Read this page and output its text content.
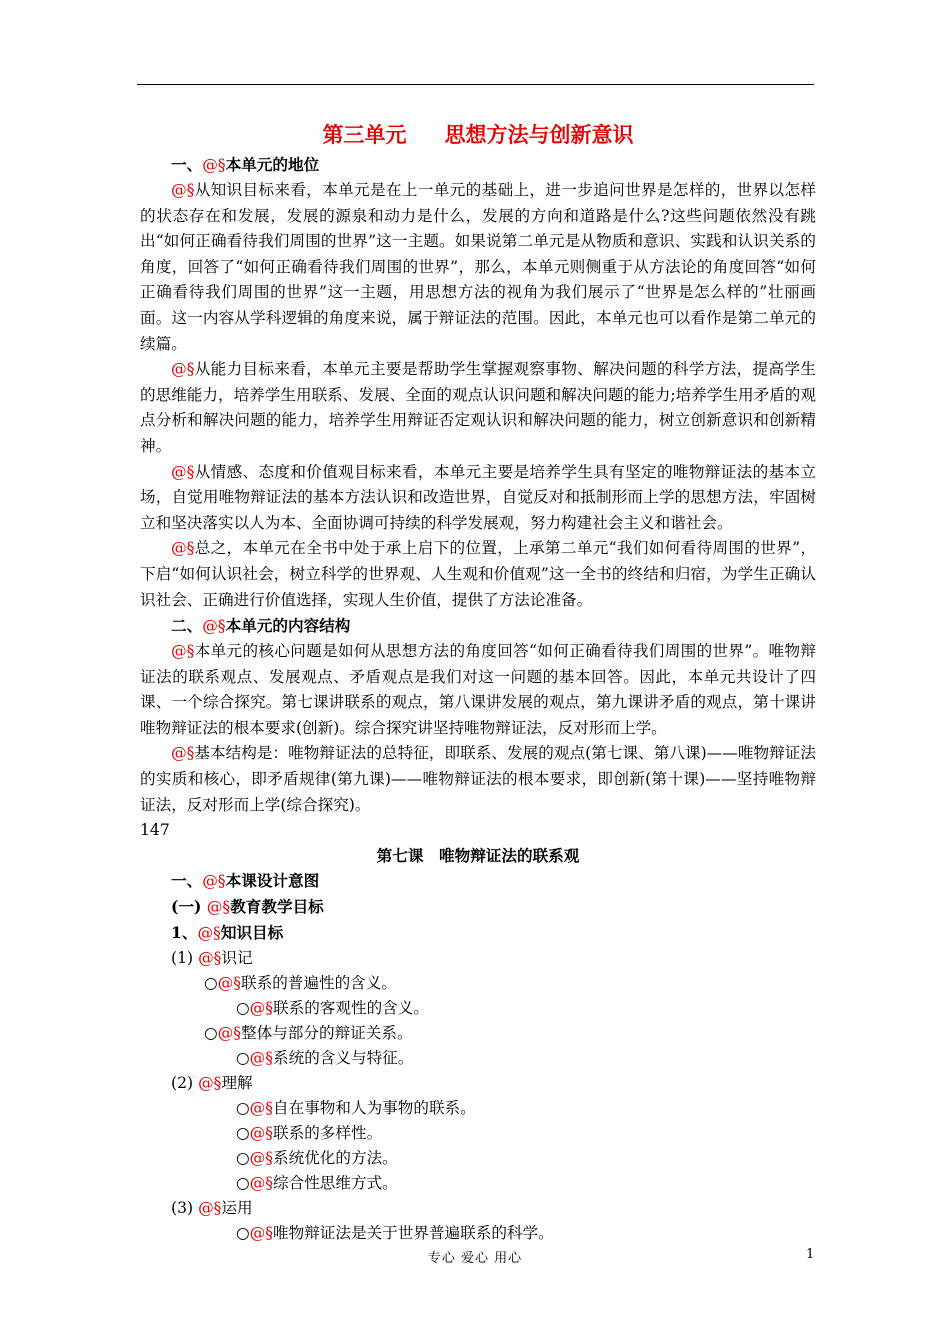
第三单元 思想方法与创新意识
一、@§本单元的地位

@§从知识目标来看，本单元是在上一单元的基础上，进一步追问世界是怎样的，世界以怎样的状态存在和发展，发展的源泉和动力是什么，发展的方向和道路是什么?这些问题依然没有跳出“如何正确看待我们周围的世界”这一主题。如果说第二单元是从物质和意识、实践和认识关系的角度，回答了“如何正确看待我们周围的世界”，那么，本单元则侧重于从方法论的角度回答“如何正确看待我们周围的世界”这一主题，用思想方法的视角为我们展示了“世界是怎么样的”壮丽画面。这一内容从学科逻辑的角度来说，属于辩证法的范围。因此，本单元也可以看作是第二单元的续篇。

@§从能力目标来看，本单元主要是帮助学生掌握观察事物、解决问题的科学方法，提高学生的思维能力，培养学生用联系、发展、全面的观点认识问题和解决问题的能力;培养学生用矛盾的观点分析和解决问题的能力，培养学生用辩证否定观认识和解决问题的能力，树立创新意识和创新精神。

@§从情感、态度和价值观目标来看，本单元主要是培养学生具有坚定的唯物辩证法的基本立场，自觉用唯物辩证法的基本方法认识和改造世界，自觉反对和抵制形而上学的思想方法，牢固树立和坚决落实以人为本、全面协调可持续的科学发展观，努力构建社会主义和谐社会。

@§总之，本单元在全书中处于承上启下的位置，上承第二单元“我们如何看待周围的世界”，下启“如何认识社会，树立科学的世界观、人生观和价值观”这一全书的终结和归宿，为学生正确认识社会、正确进行价值选择，实现人生价值，提供了方法论准备。

二、@§本单元的内容结构

@§本单元的核心问题是如何从思想方法的角度回答“如何正确看待我们周围的世界”。唯物辩证法的联系观点、发展观点、矛盾观点是我们对这一问题的基本回答。因此，本单元共设计了四课、一个综合探究。第七课讲联系的观点，第八课讲发展的观点，第九课讲矛盾的观点，第十课讲唯物辩证法的根本要求(创新)。综合探究讲坚持唯物辩证法，反对形而上学。

@§基本结构是：唯物辩证法的总特征，即联系、发展的观点(第七课、第八课)——唯物辩证法的实质和核心，即矛盾规律(第九课)——唯物辩证法的根本要求，即创新(第十课)——坚持唯物辩证法，反对形而上学(综合探究)。

147
第七课　唯物辩证法的联系观
一、@§本课设计意图
(一) @§教育教学目标
1、@§知识目标
(1) @§识记
○@§联系的普遍性的含义。
○@§联系的客观性的含义。
○@§整体与部分的辩证关系。
○@§系统的含义与特征。
(2) @§理解
○@§自在事物和人为事物的联系。
○@§联系的多样性。
○@§系统优化的方法。
○@§综合性思维方式。
(3) @§运用
○@§唯物辩证法是关于世界普遍联系的科学。
专心 爱心 用心	1
